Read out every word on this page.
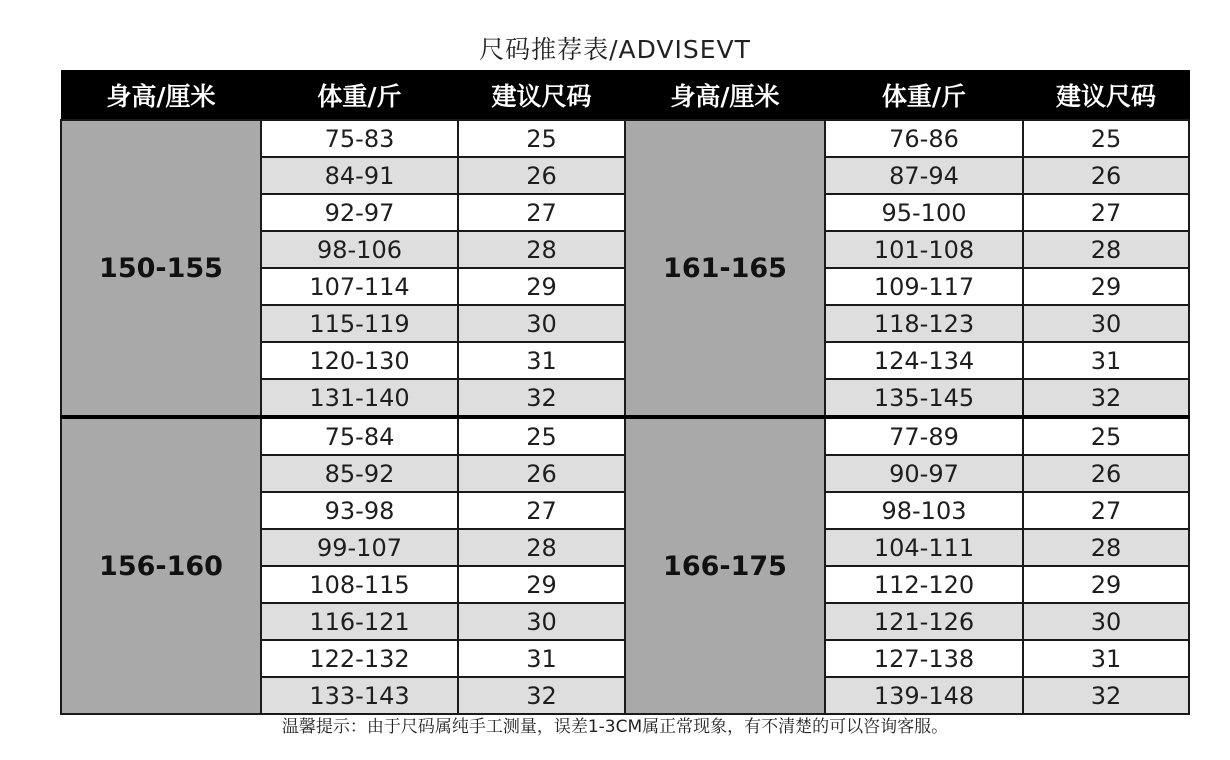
尺码推荐表/ADVISEVT
身高/厘米	体重/斤	建议尺码	身高/厘米	体重/斤	建议尺码
150-155	75-83	25	161-165	76-86	25
	84-91	26		87-94	26
	92-97	27		95-100	27
	98-106	28		101-108	28
	107-114	29		109-117	29
	115-119	30		118-123	30
	120-130	31		124-134	31
	131-140	32		135-145	32
156-160	75-84	25	166-175	77-89	25
	85-92	26		90-97	26
	93-98	27		98-103	27
	99-107	28		104-111	28
	108-115	29		112-120	29
	116-121	30		121-126	30
	122-132	31		127-138	31
	133-143	32		139-148	32
温馨提示：由于尺码属纯手工测量，误差1-3CM属正常现象，有不清楚的可以咨询客服。
